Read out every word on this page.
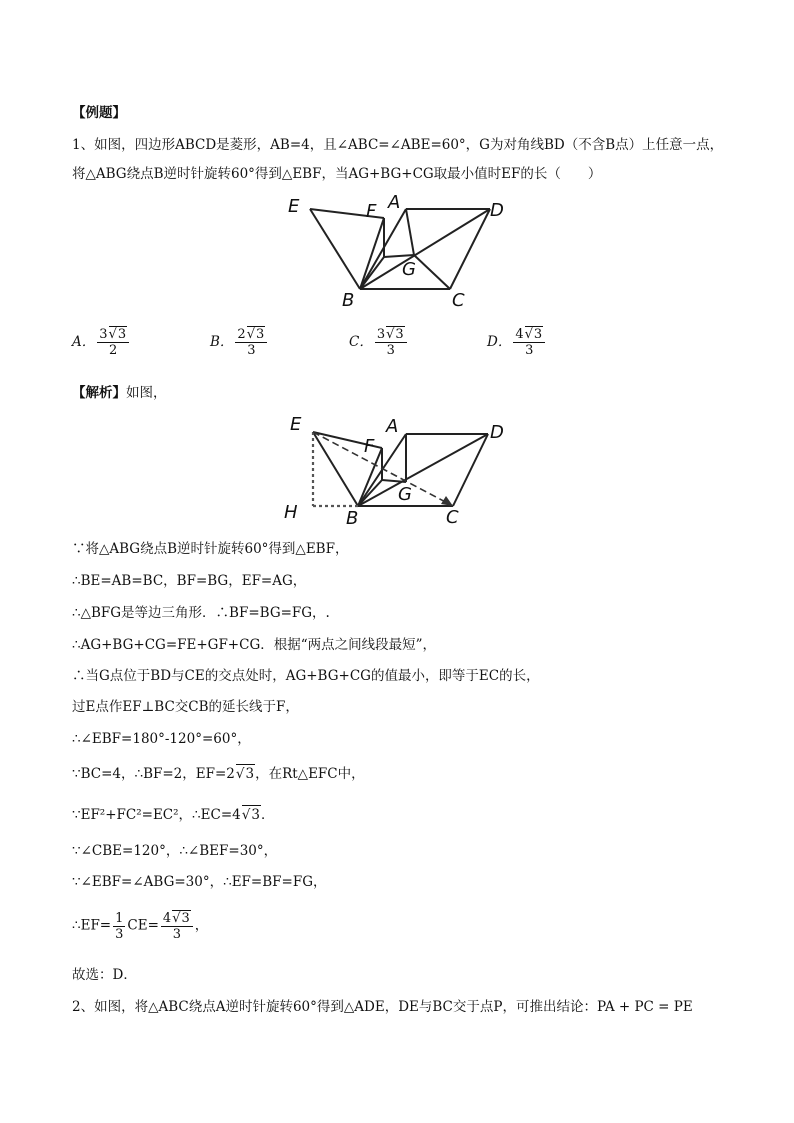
【例题】
1、如图，四边形ABCD是菱形，AB=4，且∠ABC=∠ABE=60°，G为对角线BD（不含B点）上任意一点，
将△ABG绕点B逆时针旋转60°得到△EBF，当AG+BG+CG取最小值时EF的长（　　）
E	F A	D
G
B	C
A． $\frac{3 √ 3}{2}$	B． $\frac{2 √ 3}{3}$	C． $\frac{3 √ 3}{3}$	D． $\frac{4 √ 3}{3}$
【解析】如图，
E	A	D
F
G
H	B	C
∵将△ABG绕点B逆时针旋转60°得到△EBF，
∴BE=AB=BC，BF=BG，EF=AG，
∴△BFG是等边三角形．∴BF=BG=FG，.
∴AG+BG+CG=FE+GF+CG．根据“两点之间线段最短”，
∴当G点位于BD与CE的交点处时，AG+BG+CG的值最小，即等于EC的长，
过E点作EF⊥BC交CB的延长线于F，
∴∠EBF=180°-120°=60°，
∵BC=4，∴BF=2，EF=2 √ 3，在Rt△EFC中，
∵EF²+FC²=EC²，∴EC=4 √ 3．
∵∠CBE=120°，∴∠BEF=30°，
∵∠EBF=∠ABG=30°，∴EF=BF=FG，
∴EF= $\frac{1}{3} CE= \frac{4 √ 3}{3}$ ，
故选：D．
2、如图，将△ABC绕点A逆时针旋转60°得到△ADE，DE与BC交于点P，可推出结论：PA + PC = PE
